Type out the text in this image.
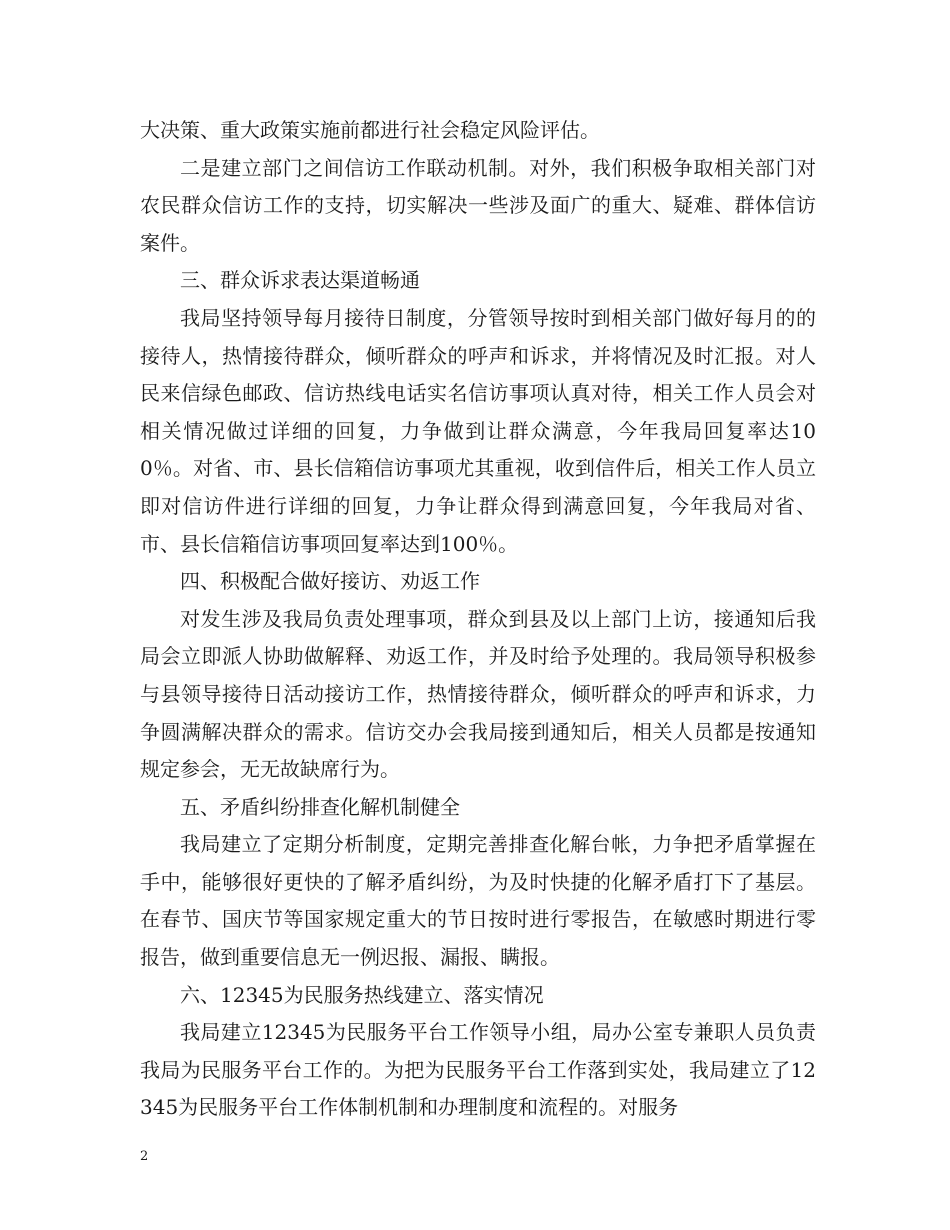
大决策、重大政策实施前都进行社会稳定风险评估。

二是建立部门之间信访工作联动机制。对外，我们积极争取相关部门对农民群众信访工作的支持，切实解决一些涉及面广的重大、疑难、群体信访案件。

三、群众诉求表达渠道畅通

我局坚持领导每月接待日制度，分管领导按时到相关部门做好每月的的接待人，热情接待群众，倾听群众的呼声和诉求，并将情况及时汇报。对人民来信绿色邮政、信访热线电话实名信访事项认真对待，相关工作人员会对相关情况做过详细的回复，力争做到让群众满意，今年我局回复率达100％。对省、市、县长信箱信访事项尤其重视，收到信件后，相关工作人员立即对信访件进行详细的回复，力争让群众得到满意回复，今年我局对省、市、县长信箱信访事项回复率达到100％。

四、积极配合做好接访、劝返工作

对发生涉及我局负责处理事项，群众到县及以上部门上访，接通知后我局会立即派人协助做解释、劝返工作，并及时给予处理的。我局领导积极参与县领导接待日活动接访工作，热情接待群众，倾听群众的呼声和诉求，力争圆满解决群众的需求。信访交办会我局接到通知后，相关人员都是按通知规定参会，无无故缺席行为。

五、矛盾纠纷排查化解机制健全

我局建立了定期分析制度，定期完善排查化解台帐，力争把矛盾掌握在手中，能够很好更快的了解矛盾纠纷，为及时快捷的化解矛盾打下了基层。在春节、国庆节等国家规定重大的节日按时进行零报告，在敏感时期进行零报告，做到重要信息无一例迟报、漏报、瞒报。

六、12345为民服务热线建立、落实情况

我局建立12345为民服务平台工作领导小组，局办公室专兼职人员负责我局为民服务平台工作的。为把为民服务平台工作落到实处，我局建立了12345为民服务平台工作体制机制和办理制度和流程的。对服务

2
